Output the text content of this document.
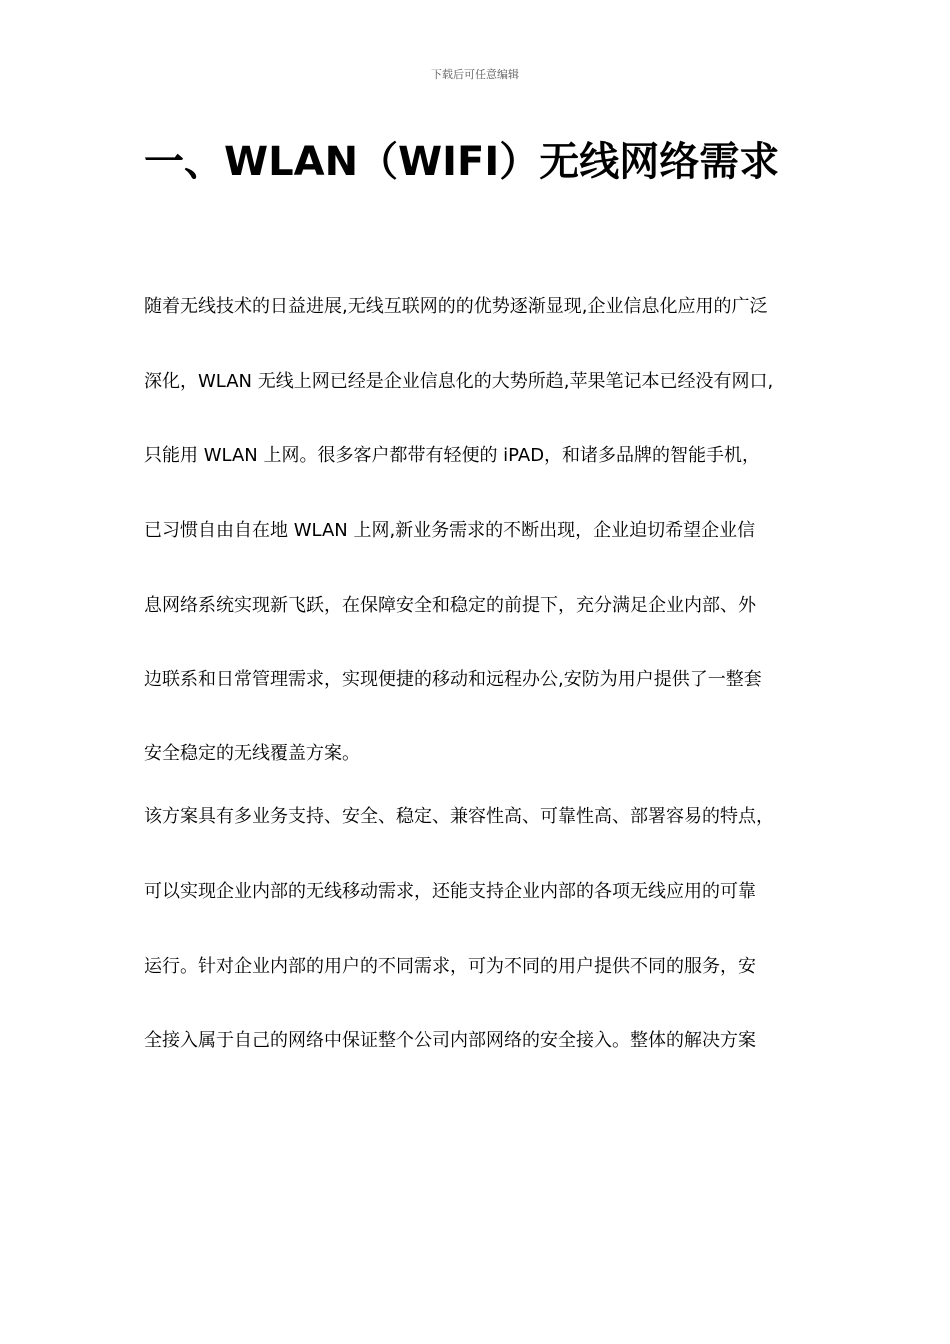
下载后可任意编辑
一、WLAN（WIFI）无线网络需求
随着无线技术的日益进展,无线互联网的的优势逐渐显现,企业信息化应用的广泛
深化，WLAN 无线上网已经是企业信息化的大势所趋,苹果笔记本已经没有网口,
只能用 WLAN 上网。很多客户都带有轻便的 iPAD，和诸多品牌的智能手机，
已习惯自由自在地 WLAN 上网,新业务需求的不断出现，企业迫切希望企业信
息网络系统实现新飞跃，在保障安全和稳定的前提下，充分满足企业内部、外
边联系和日常管理需求，实现便捷的移动和远程办公,安防为用户提供了一整套
安全稳定的无线覆盖方案。
该方案具有多业务支持、安全、稳定、兼容性高、可靠性高、部署容易的特点，
可以实现企业内部的无线移动需求，还能支持企业内部的各项无线应用的可靠
运行。针对企业内部的用户的不同需求，可为不同的用户提供不同的服务，安
全接入属于自己的网络中保证整个公司内部网络的安全接入。整体的解决方案
